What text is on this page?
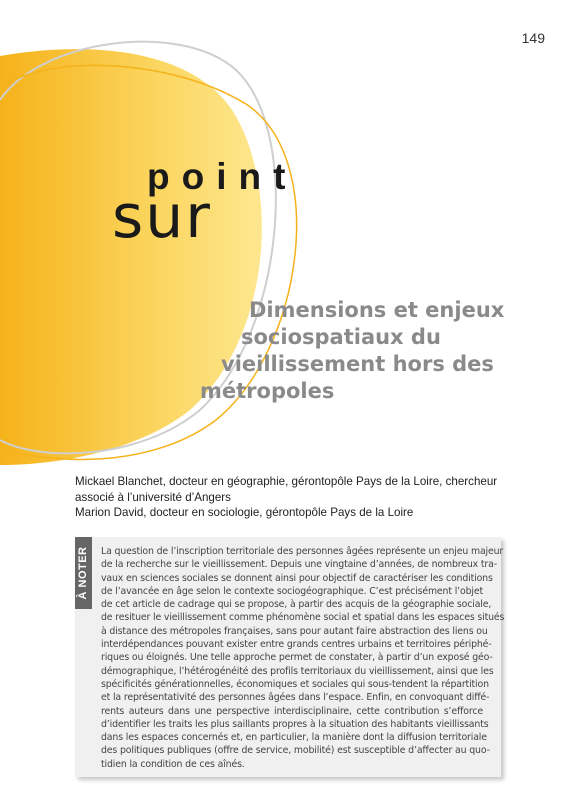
149
point
sur
Dimensions et enjeux
sociospatiaux du
vieillissement hors des
métropoles
Mickael Blanchet, docteur en géographie, gérontopôle Pays de la Loire, chercheur associé à l’université d’Angers
Marion David, docteur en sociologie, gérontopôle Pays de la Loire
À NOTER La question de l’inscription territoriale des personnes âgées représente un enjeu majeur
de la recherche sur le vieillissement. Depuis une vingtaine d’années, de nombreux tra-
vaux en sciences sociales se donnent ainsi pour objectif de caractériser les conditions
de l’avancée en âge selon le contexte sociogéographique. C’est précisément l’objet
de cet article de cadrage qui se propose, à partir des acquis de la géographie sociale,
de resituer le vieillissement comme phénomène social et spatial dans les espaces situés
à distance des métropoles françaises, sans pour autant faire abstraction des liens ou
interdépendances pouvant exister entre grands centres urbains et territoires périphé-
riques ou éloignés. Une telle approche permet de constater, à partir d’un exposé géo-
démographique, l’hétérogénéité des profils territoriaux du vieillissement, ainsi que les
spécificités générationnelles, économiques et sociales qui sous-tendent la répartition
et la représentativité des personnes âgées dans l’espace. Enfin, en convoquant diffé-
rents auteurs dans une perspective interdisciplinaire, cette contribution s’efforce
d’identifier les traits les plus saillants propres à la situation des habitants vieillissants
dans les espaces concernés et, en particulier, la manière dont la diffusion territoriale
des politiques publiques (offre de service, mobilité) est susceptible d’affecter au quo-
tidien la condition de ces aînés.
